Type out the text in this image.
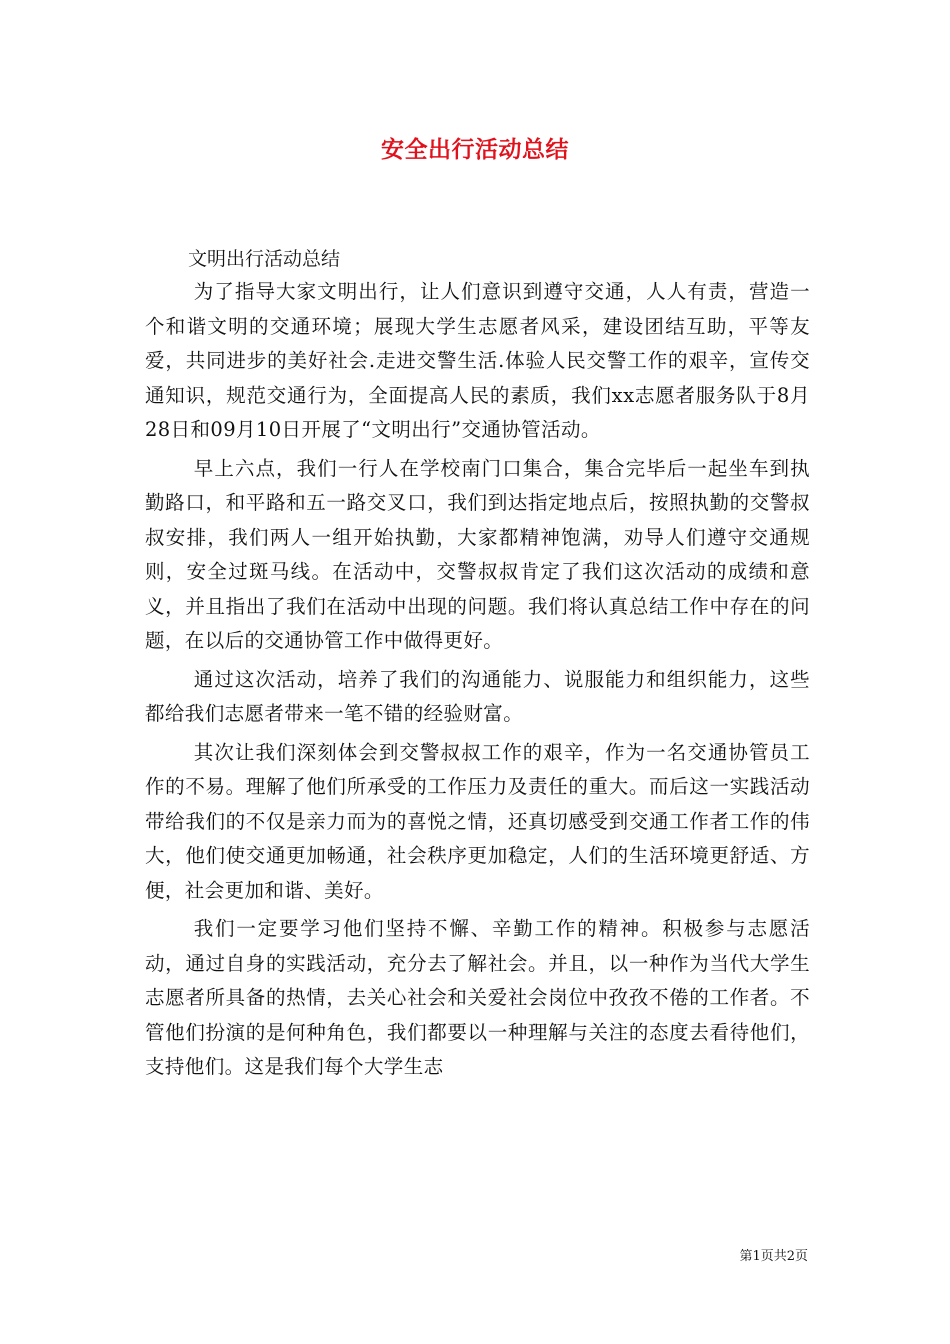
安全出行活动总结

文明出行活动总结

为了指导大家文明出行，让人们意识到遵守交通，人人有责，营造一个和谐文明的交通环境；展现大学生志愿者风采，建设团结互助，平等友爱，共同进步的美好社会.走进交警生活.体验人民交警工作的艰辛，宣传交通知识，规范交通行为，全面提高人民的素质，我们xx志愿者服务队于8月28日和09月10日开展了“文明出行”交通协管活动。

早上六点，我们一行人在学校南门口集合，集合完毕后一起坐车到执勤路口，和平路和五一路交叉口，我们到达指定地点后，按照执勤的交警叔叔安排，我们两人一组开始执勤，大家都精神饱满，劝导人们遵守交通规则，安全过斑马线。在活动中，交警叔叔肯定了我们这次活动的成绩和意义，并且指出了我们在活动中出现的问题。我们将认真总结工作中存在的问题，在以后的交通协管工作中做得更好。

通过这次活动，培养了我们的沟通能力、说服能力和组织能力，这些都给我们志愿者带来一笔不错的经验财富。

其次让我们深刻体会到交警叔叔工作的艰辛，作为一名交通协管员工作的不易。理解了他们所承受的工作压力及责任的重大。而后这一实践活动带给我们的不仅是亲力而为的喜悦之情，还真切感受到交通工作者工作的伟大，他们使交通更加畅通，社会秩序更加稳定，人们的生活环境更舒适、方便，社会更加和谐、美好。

我们一定要学习他们坚持不懈、辛勤工作的精神。积极参与志愿活动，通过自身的实践活动，充分去了解社会。并且，以一种作为当代大学生志愿者所具备的热情，去关心社会和关爱社会岗位中孜孜不倦的工作者。不管他们扮演的是何种角色，我们都要以一种理解与关注的态度去看待他们，支持他们。这是我们每个大学生志

第1页共2页
